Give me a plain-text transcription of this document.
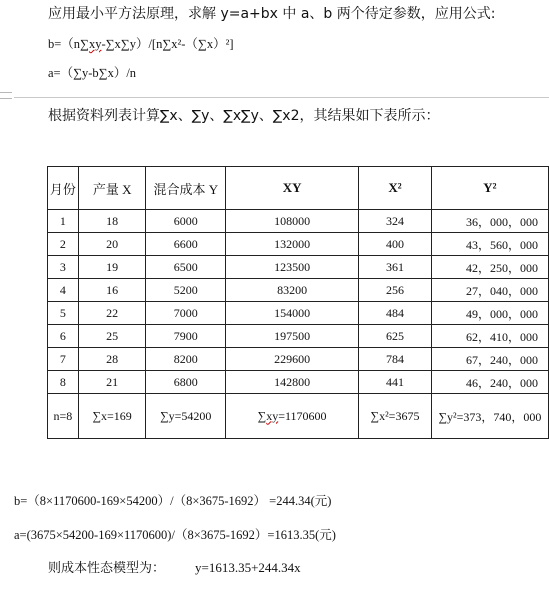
应用最小平方法原理，求解 y=a+bx 中 a、b 两个待定参数，应用公式:
b=（n∑xy-∑x∑y）/[n∑x²-（∑x）²]
a=（∑y-b∑x）/n
根据资料列表计算∑x、∑y、∑x∑y、∑x2，其结果如下表所示：
月份	产量 X	混合成本 Y	XY	X²	Y²
1	18	6000	108000	324	36，000，000
2	20	6600	132000	400	43，560，000
3	19	6500	123500	361	42，250，000
4	16	5200	83200	256	27，040，000
5	22	7000	154000	484	49，000，000
6	25	7900	197500	625	62，410，000
7	28	8200	229600	784	67，240，000
8	21	6800	142800	441	46，240，000
n=8	∑x=169	∑y=54200	∑xy=1170600	∑x²=3675	∑y²=373，740，000
b=（8×1170600-169×54200）/（8×3675-1692） =244.34(元)
a=(3675×54200-169×1170600)/（8×3675-1692）=1613.35(元)
则成本性态模型为： y=1613.35+244.34x
